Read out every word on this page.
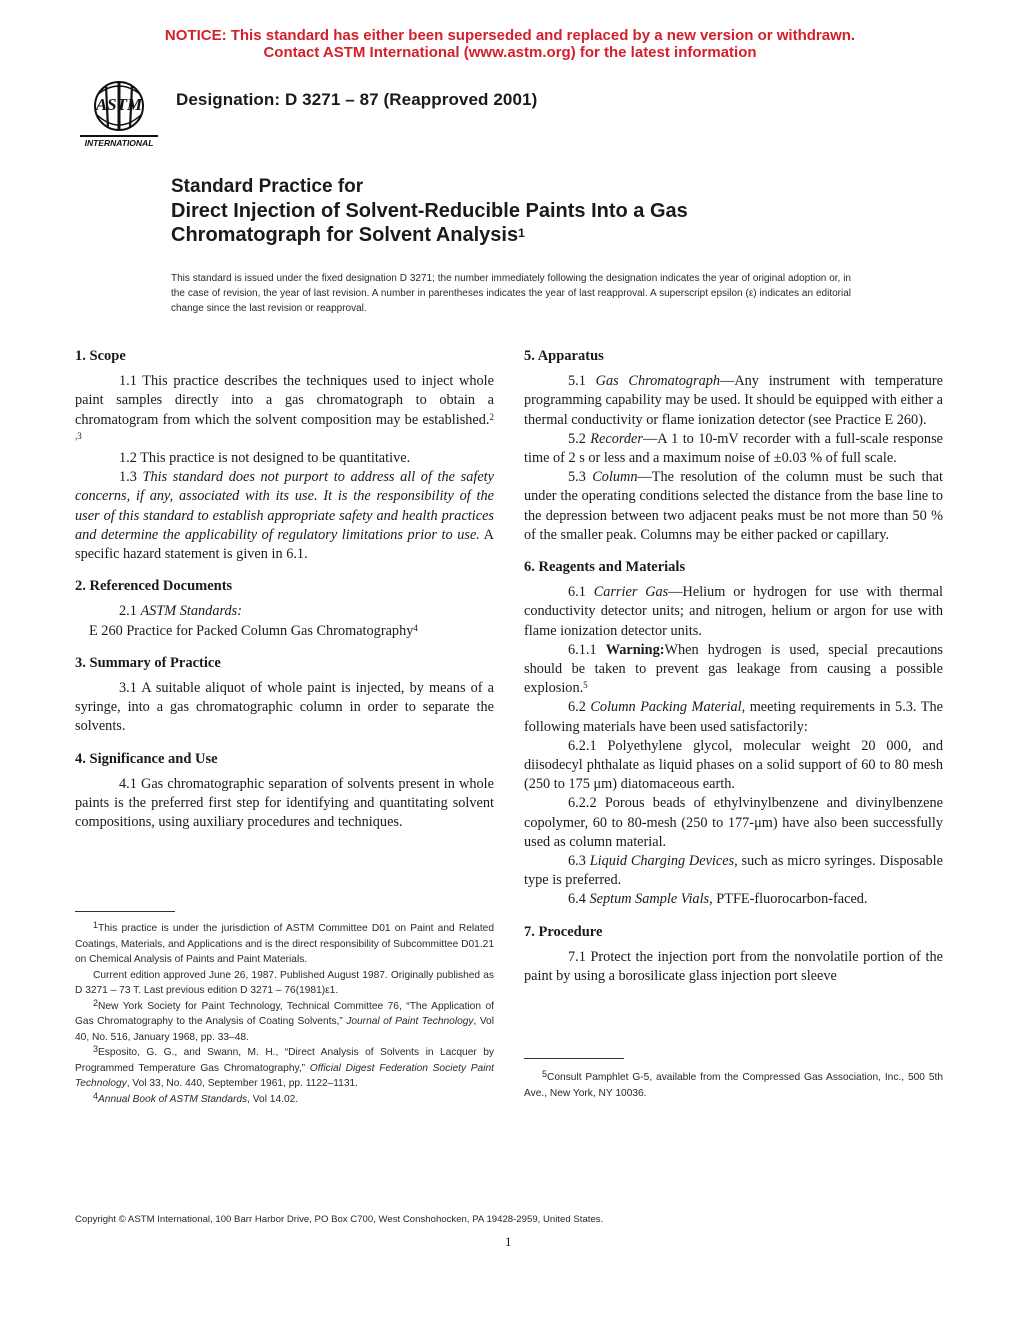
NOTICE: This standard has either been superseded and replaced by a new version or withdrawn.
Contact ASTM International (www.astm.org) for the latest information
ASTM
INTERNATIONAL
Designation: D 3271 – 87 (Reapproved 2001)
Standard Practice for
Direct Injection of Solvent-Reducible Paints Into a Gas
Chromatograph for Solvent Analysis$^1$
This standard is issued under the fixed designation D 3271; the number immediately following the designation indicates the year of original adoption or, in the case of revision, the year of last revision. A number in parentheses indicates the year of last reapproval. A superscript epsilon (ε) indicates an editorial change since the last revision or reapproval.
1. Scope

1.1 This practice describes the techniques used to inject whole paint samples directly into a gas chromatograph to obtain a chromatogram from which the solvent composition may be established.$^{2 ,3}$

1.2 This practice is not designed to be quantitative.

1.3 This standard does not purport to address all of the safety concerns, if any, associated with its use. It is the responsibility of the user of this standard to establish appropriate safety and health practices and determine the applicability of regulatory limitations prior to use. A specific hazard statement is given in 6.1.

2. Referenced Documents

2.1 ASTM Standards:

E 260 Practice for Packed Column Gas Chromatography$^4$

3. Summary of Practice

3.1 A suitable aliquot of whole paint is injected, by means of a syringe, into a gas chromatographic column in order to separate the solvents.

4. Significance and Use

4.1 Gas chromatographic separation of solvents present in whole paints is the preferred first step for identifying and quantitating solvent compositions, using auxiliary procedures and techniques.

$^1$This practice is under the jurisdiction of ASTM Committee D01 on Paint and Related Coatings, Materials, and Applications and is the direct responsibility of Subcommittee D01.21 on Chemical Analysis of Paints and Paint Materials.

Current edition approved June 26, 1987. Published August 1987. Originally published as D 3271 – 73 T. Last previous edition D 3271 – 76(1981)ε1.

$^2$New York Society for Paint Technology, Technical Committee 76, “The Application of Gas Chromatography to the Analysis of Coating Solvents,” Journal of Paint Technology, Vol 40, No. 516, January 1968, pp. 33–48.

$^3$Esposito, G. G., and Swann, M. H., “Direct Analysis of Solvents in Lacquer by Programmed Temperature Gas Chromatography,” Official Digest Federation Society Paint Technology, Vol 33, No. 440, September 1961, pp. 1122–1131.

$^4$Annual Book of ASTM Standards, Vol 14.02.

5. Apparatus

5.1 Gas Chromatograph—Any instrument with temperature programming capability may be used. It should be equipped with either a thermal conductivity or flame ionization detector (see Practice E 260).

5.2 Recorder—A 1 to 10-mV recorder with a full-scale response time of 2 s or less and a maximum noise of ±0.03 % of full scale.

5.3 Column—The resolution of the column must be such that under the operating conditions selected the distance from the base line to the depression between two adjacent peaks must be not more than 50 % of the smaller peak. Columns may be either packed or capillary.

6. Reagents and Materials

6.1 Carrier Gas—Helium or hydrogen for use with thermal conductivity detector units; and nitrogen, helium or argon for use with flame ionization detector units.

6.1.1 Warning:When hydrogen is used, special precautions should be taken to prevent gas leakage from causing a possible explosion.$^5$

6.2 Column Packing Material, meeting requirements in 5.3. The following materials have been used satisfactorily:

6.2.1 Polyethylene glycol, molecular weight 20 000, and diisodecyl phthalate as liquid phases on a solid support of 60 to 80 mesh (250 to 175 μm) diatomaceous earth.

6.2.2 Porous beads of ethylvinylbenzene and divinylbenzene copolymer, 60 to 80-mesh (250 to 177-μm) have also been successfully used as column material.

6.3 Liquid Charging Devices, such as micro syringes. Disposable type is preferred.

6.4 Septum Sample Vials, PTFE-fluorocarbon-faced.

7. Procedure

7.1 Protect the injection port from the nonvolatile portion of the paint by using a borosilicate glass injection port sleeve

$^5$Consult Pamphlet G-5, available from the Compressed Gas Association, Inc., 500 5th Ave., New York, NY 10036.

Copyright © ASTM International, 100 Barr Harbor Drive, PO Box C700, West Conshohocken, PA 19428-2959, United States.
1
